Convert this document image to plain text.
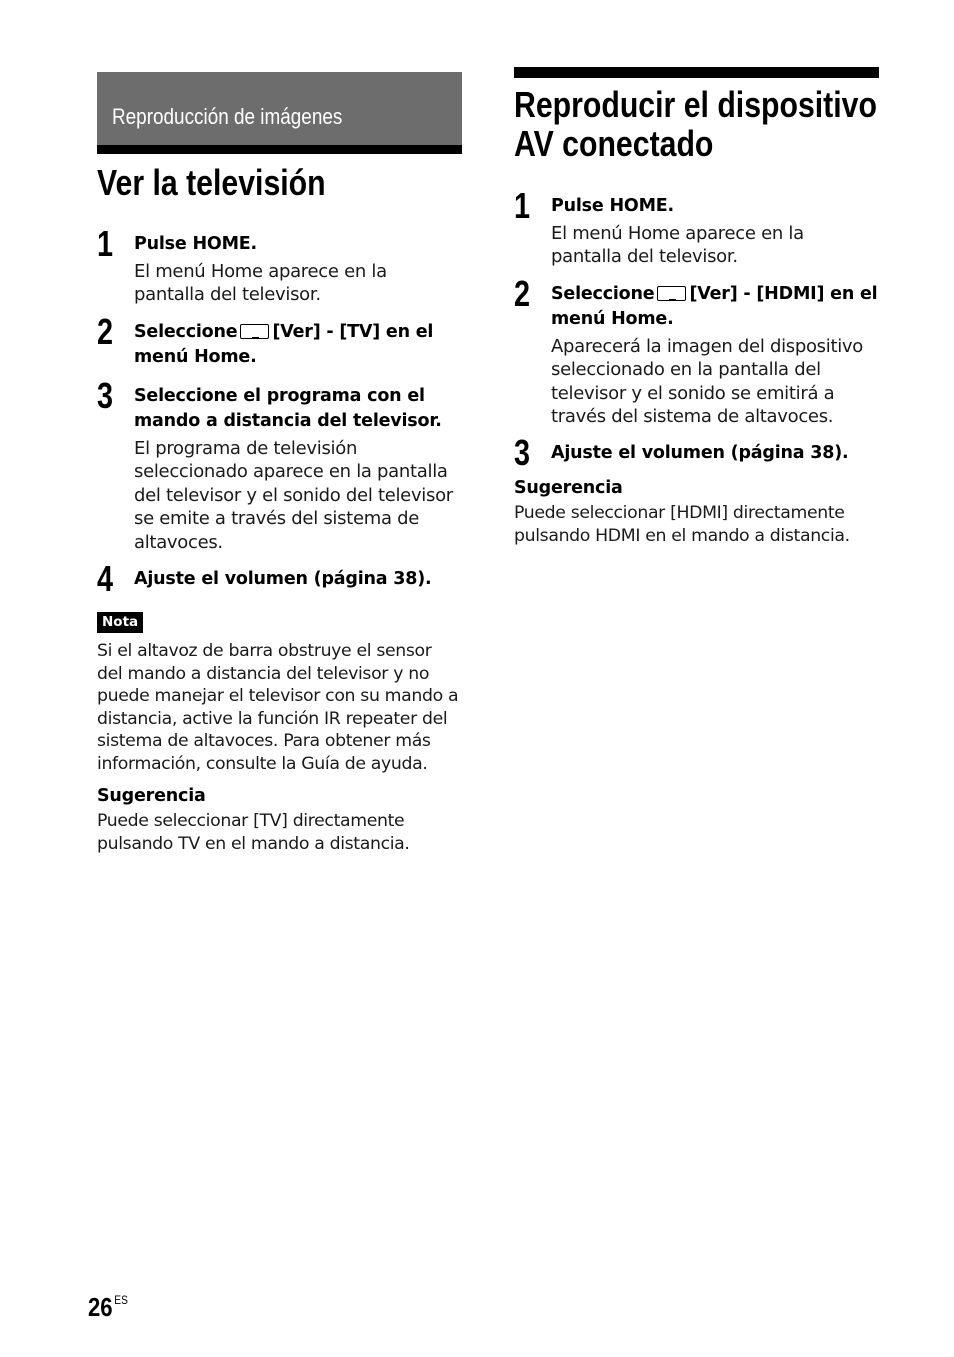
Reproducción de imágenes
Ver la televisión
1 Pulse HOME.
El menú Home aparece en la pantalla del televisor.
2 Seleccione [Ver] - [TV] en el menú Home.
3 Seleccione el programa con el mando a distancia del televisor.
El programa de televisión seleccionado aparece en la pantalla del televisor y el sonido del televisor se emite a través del sistema de altavoces.
4 Ajuste el volumen (página 38).
Nota
Si el altavoz de barra obstruye el sensor del mando a distancia del televisor y no puede manejar el televisor con su mando a distancia, active la función IR repeater del sistema de altavoces. Para obtener más información, consulte la Guía de ayuda.
Sugerencia
Puede seleccionar [TV] directamente pulsando TV en el mando a distancia.
Reproducir el dispositivo
AV conectado
1 Pulse HOME.
El menú Home aparece en la pantalla del televisor.
2 Seleccione [Ver] - [HDMI] en el menú Home.
Aparecerá la imagen del dispositivo seleccionado en la pantalla del televisor y el sonido se emitirá a través del sistema de altavoces.
3 Ajuste el volumen (página 38).
Sugerencia
Puede seleccionar [HDMI] directamente pulsando HDMI en el mando a distancia.
26 $^{ES}$
